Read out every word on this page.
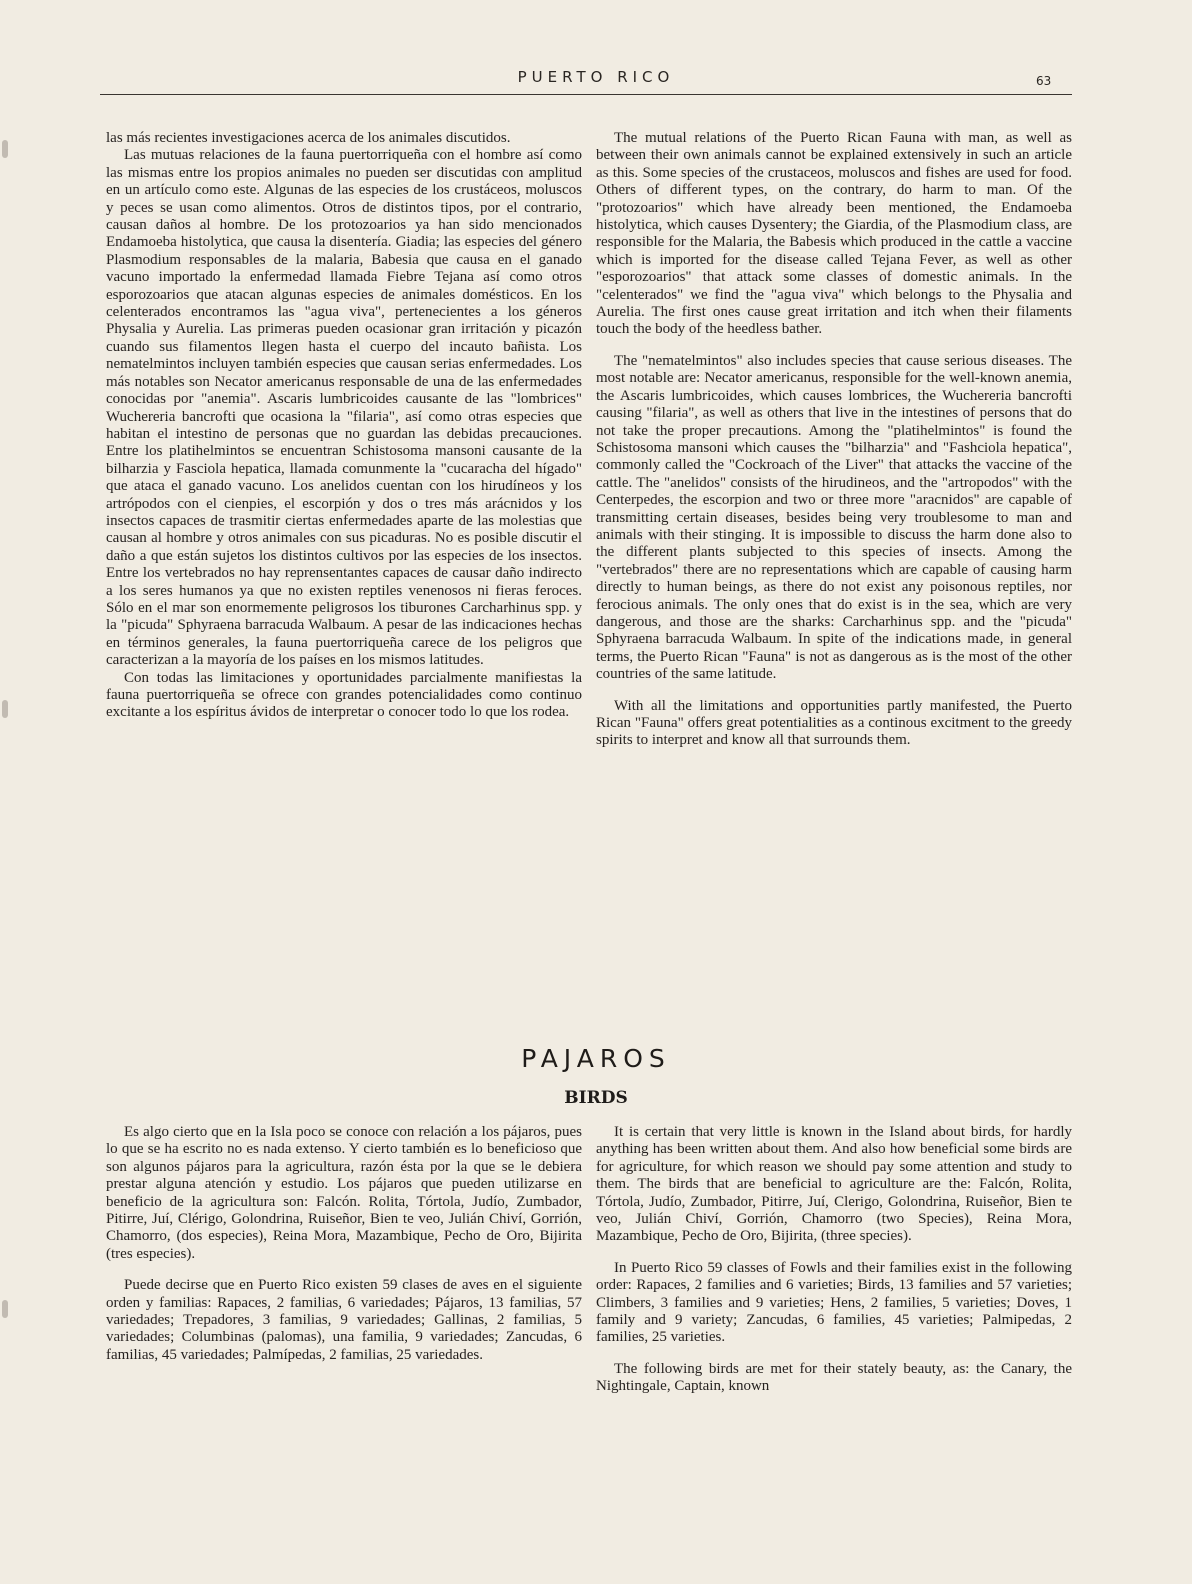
PUERTO RICO	63

las más recientes investigaciones acerca de los animales discutidos.

Las mutuas relaciones de la fauna puertorriqueña con el hombre así como las mismas entre los propios animales no pueden ser discutidas con amplitud en un artículo como este. Algunas de las especies de los crustáceos, moluscos y peces se usan como alimentos. Otros de distintos tipos, por el contrario, causan daños al hombre. De los protozoarios ya han sido mencionados Endamoeba histolytica, que causa la disentería. Giadia; las especies del género Plasmodium responsables de la malaria, Babesia que causa en el ganado vacuno importado la enfermedad llamada Fiebre Tejana así como otros esporozoarios que atacan algunas especies de animales domésticos. En los celenterados encontramos las "agua viva", pertenecientes a los géneros Physalia y Aurelia. Las primeras pueden ocasionar gran irritación y picazón cuando sus filamentos llegen hasta el cuerpo del incauto bañista. Los nematelmintos incluyen también especies que causan serias enfermedades. Los más notables son Necator americanus responsable de una de las enfermedades conocidas por "anemia". Ascaris lumbricoides causante de las "lombrices" Wuchereria bancrofti que ocasiona la "filaria", así como otras especies que habitan el intestino de personas que no guardan las debidas precauciones. Entre los platihelmintos se encuentran Schistosoma mansoni causante de la bilharzia y Fasciola hepatica, llamada comunmente la "cucaracha del hígado" que ataca el ganado vacuno. Los anelidos cuentan con los hirudíneos y los artrópodos con el cienpies, el escorpión y dos o tres más arácnidos y los insectos capaces de trasmitir ciertas enfermedades aparte de las molestias que causan al hombre y otros animales con sus picaduras. No es posible discutir el daño a que están sujetos los distintos cultivos por las especies de los insectos. Entre los vertebrados no hay reprensentantes capaces de causar daño indirecto a los seres humanos ya que no existen reptiles venenosos ni fieras feroces. Sólo en el mar son enormemente peligrosos los tiburones Carcharhinus spp. y la "picuda" Sphyraena barracuda Walbaum. A pesar de las indicaciones hechas en términos generales, la fauna puertorriqueña carece de los peligros que caracterizan a la mayoría de los países en los mismos latitudes.

Con todas las limitaciones y oportunidades parcialmente manifiestas la fauna puertorriqueña se ofrece con grandes potencialidades como continuo excitante a los espíritus ávidos de interpretar o conocer todo lo que los rodea.

The mutual relations of the Puerto Rican Fauna with man, as well as between their own animals cannot be explained extensively in such an article as this. Some species of the crustaceos, moluscos and fishes are used for food. Others of different types, on the contrary, do harm to man. Of the "protozoarios" which have already been mentioned, the Endamoeba histolytica, which causes Dysentery; the Giardia, of the Plasmodium class, are responsible for the Malaria, the Babesis which produced in the cattle a vaccine which is imported for the disease called Tejana Fever, as well as other "esporozoarios" that attack some classes of domestic animals. In the "celenterados" we find the "agua viva" which belongs to the Physalia and Aurelia. The first ones cause great irritation and itch when their filaments touch the body of the heedless bather.

The "nematelmintos" also includes species that cause serious diseases. The most notable are: Necator americanus, responsible for the well-known anemia, the Ascaris lumbricoides, which causes lombrices, the Wuchereria bancrofti causing "filaria", as well as others that live in the intestines of persons that do not take the proper precautions. Among the "platihelmintos" is found the Schistosoma mansoni which causes the "bilharzia" and "Fashciola hepatica", commonly called the "Cockroach of the Liver" that attacks the vaccine of the cattle. The "anelidos" consists of the hirudineos, and the "artropodos" with the Centerpedes, the escorpion and two or three more "aracnidos" are capable of transmitting certain diseases, besides being very troublesome to man and animals with their stinging. It is impossible to discuss the harm done also to the different plants subjected to this species of insects. Among the "vertebrados" there are no representations which are capable of causing harm directly to human beings, as there do not exist any poisonous reptiles, nor ferocious animals. The only ones that do exist is in the sea, which are very dangerous, and those are the sharks: Carcharhinus spp. and the "picuda" Sphyraena barracuda Walbaum. In spite of the indications made, in general terms, the Puerto Rican "Fauna" is not as dangerous as is the most of the other countries of the same latitude.

With all the limitations and opportunities partly manifested, the Puerto Rican "Fauna" offers great potentialities as a continous excitment to the greedy spirits to interpret and know all that surrounds them.

PAJAROS
BIRDS

Es algo cierto que en la Isla poco se conoce con relación a los pájaros, pues lo que se ha escrito no es nada extenso. Y cierto también es lo beneficioso que son algunos pájaros para la agricultura, razón ésta por la que se le debiera prestar alguna atención y estudio. Los pájaros que pueden utilizarse en beneficio de la agricultura son: Falcón. Rolita, Tórtola, Judío, Zumbador, Pitirre, Juí, Clérigo, Golondrina, Ruiseñor, Bien te veo, Julián Chiví, Gorrión, Chamorro, (dos especies), Reina Mora, Mazambique, Pecho de Oro, Bijirita (tres especies).

Puede decirse que en Puerto Rico existen 59 clases de aves en el siguiente orden y familias: Rapaces, 2 familias, 6 variedades; Pájaros, 13 familias, 57 variedades; Trepadores, 3 familias, 9 variedades; Gallinas, 2 familias, 5 variedades; Columbinas (palomas), una familia, 9 variedades; Zancudas, 6 familias, 45 variedades; Palmípedas, 2 familias, 25 variedades.

It is certain that very little is known in the Island about birds, for hardly anything has been written about them. And also how beneficial some birds are for agriculture, for which reason we should pay some attention and study to them. The birds that are beneficial to agriculture are the: Falcón, Rolita, Tórtola, Judío, Zumbador, Pitirre, Juí, Clerigo, Golondrina, Ruiseñor, Bien te veo, Julián Chiví, Gorrión, Chamorro (two Species), Reina Mora, Mazambique, Pecho de Oro, Bijirita, (three species).

In Puerto Rico 59 classes of Fowls and their families exist in the following order: Rapaces, 2 families and 6 varieties; Birds, 13 families and 57 varieties; Climbers, 3 families and 9 varieties; Hens, 2 families, 5 varieties; Doves, 1 family and 9 variety; Zancudas, 6 families, 45 varieties; Palmipedas, 2 families, 25 varieties.

The following birds are met for their stately beauty, as: the Canary, the Nightingale, Captain, known
